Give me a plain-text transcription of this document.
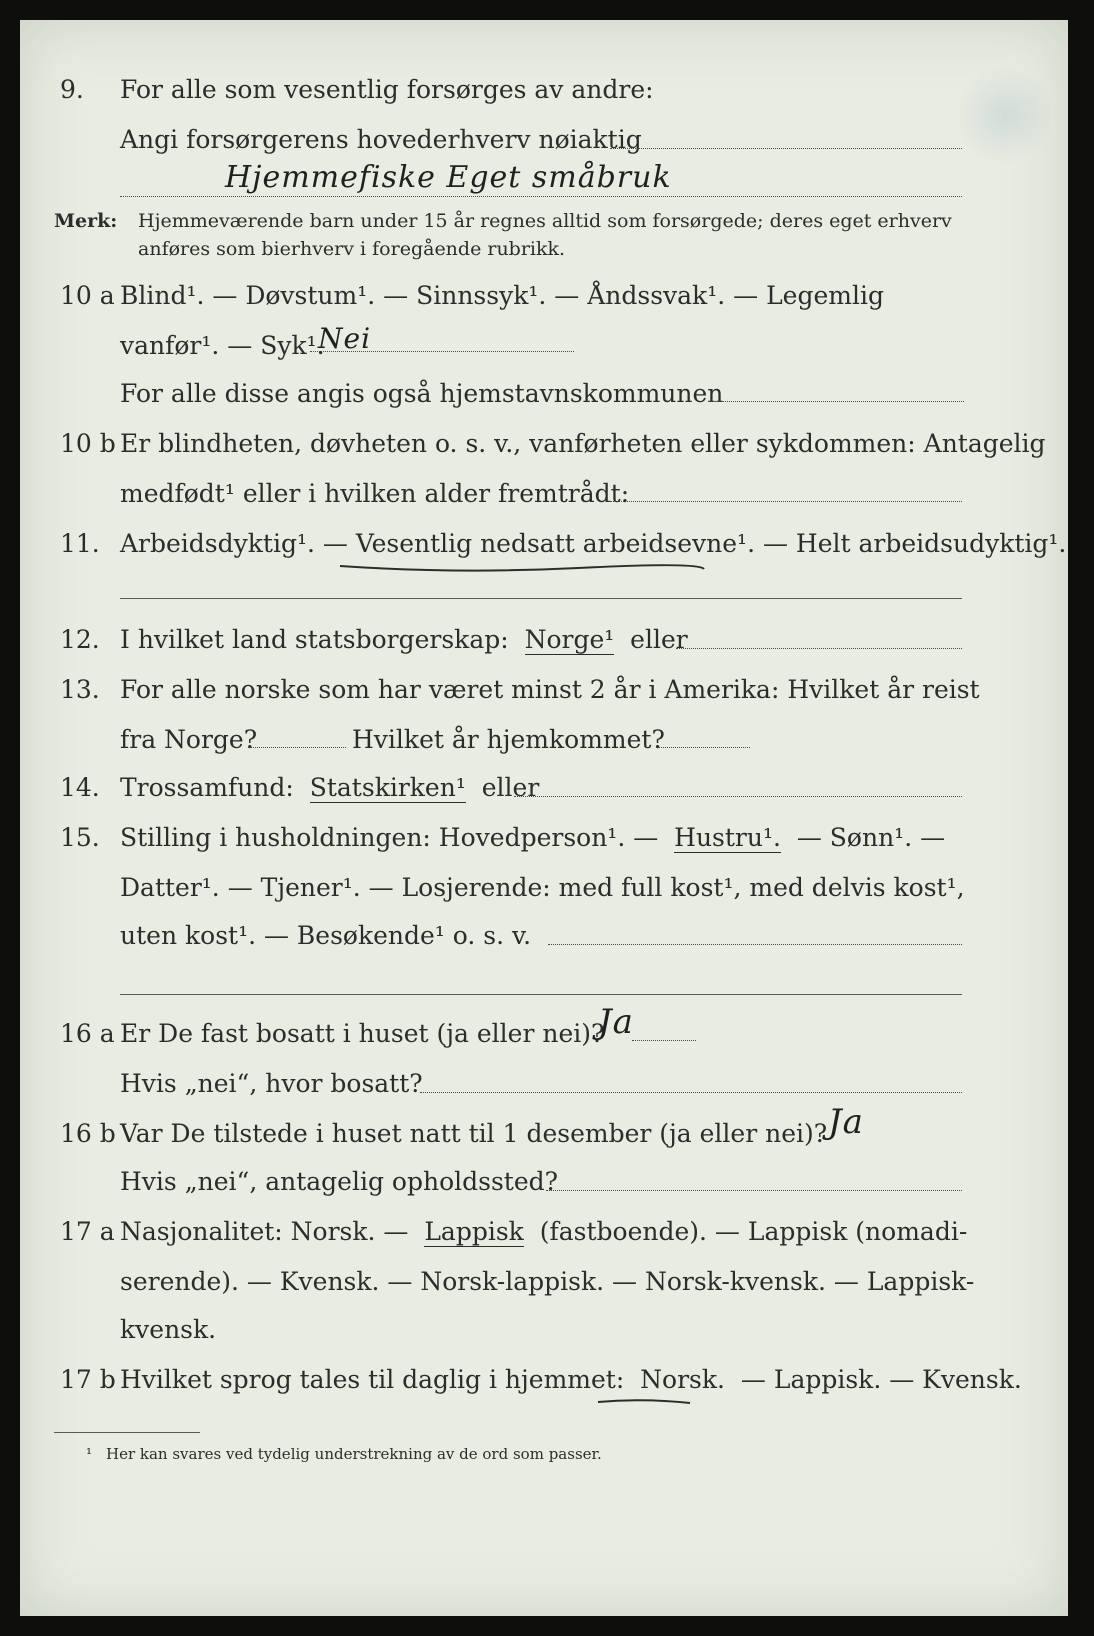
9. For alle som vesentlig forsørges av andre:
Angi forsørgerens hovederhverv nøiaktig
Hjemmefiske Eget småbruk
Merk: Hjemmeværende barn under 15 år regnes alltid som forsørgede; deres eget erhverv
anføres som bierhverv i foregående rubrikk.
10 a Blind¹. — Døvstum¹. — Sinnssyk¹. — Åndssvak¹. — Legemlig
vanfør¹. — Syk¹.
Nei
For alle disse angis også hjemstavnskommunen
10 b Er blindheten, døvheten o. s. v., vanførheten eller sykdommen: Antagelig
medfødt¹ eller i hvilken alder fremtrådt:
11. Arbeidsdyktig¹. — Vesentlig nedsatt arbeidsevne¹. — Helt arbeidsudyktig¹.
12. I hvilket land statsborgerskap: Norge¹ eller
13. For alle norske som har været minst 2 år i Amerika: Hvilket år reist
fra Norge?	Hvilket år hjemkommet?
14. Trossamfund: Statskirken¹ eller
15. Stilling i husholdningen: Hovedperson¹. — Hustru¹. — Sønn¹. —
Datter¹. — Tjener¹. — Losjerende: med full kost¹, med delvis kost¹,
uten kost¹. — Besøkende¹ o. s. v.
16 a Er De fast bosatt i huset (ja eller nei)?
Ja
Hvis „nei“, hvor bosatt?
16 b Var De tilstede i huset natt til 1 desember (ja eller nei)? Ja
Hvis „nei“, antagelig opholdssted?
17 a Nasjonalitet: Norsk. — Lappisk (fastboende). — Lappisk (nomadi-
serende). — Kvensk. — Norsk-lappisk. — Norsk-kvensk. — Lappisk-
kvensk.
17 b Hvilket sprog tales til daglig i hjemmet: Norsk. — Lappisk. — Kvensk.
¹ Her kan svares ved tydelig understrekning av de ord som passer.
